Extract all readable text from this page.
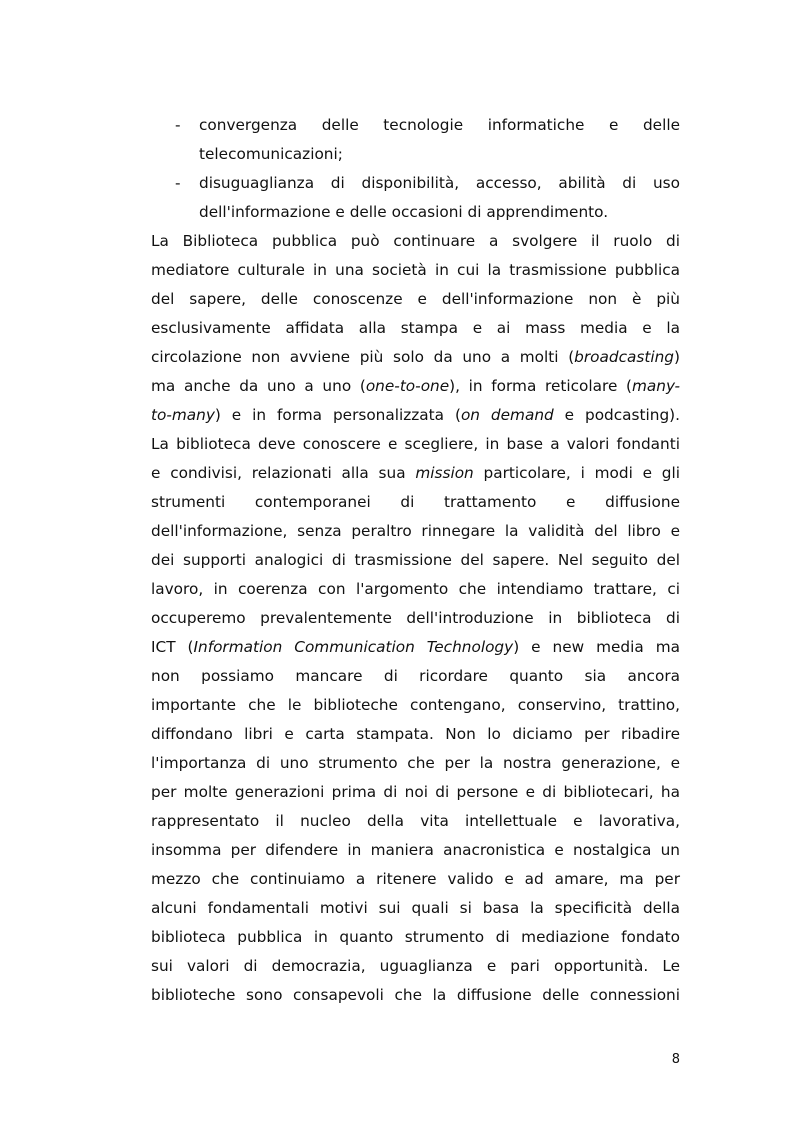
- convergenza delle tecnologie informatiche e delle
telecomunicazioni;
- disuguaglianza di disponibilità, accesso, abilità di uso
dell'informazione e delle occasioni di apprendimento.
La Biblioteca pubblica può continuare a svolgere il ruolo di
mediatore culturale in una società in cui la trasmissione pubblica
del sapere, delle conoscenze e dell'informazione non è più
esclusivamente affidata alla stampa e ai mass media e la
circolazione non avviene più solo da uno a molti (broadcasting)
ma anche da uno a uno (one-to-one), in forma reticolare (many-
to-many) e in forma personalizzata (on demand e podcasting).
La biblioteca deve conoscere e scegliere, in base a valori fondanti
e condivisi, relazionati alla sua mission particolare, i modi e gli
strumenti contemporanei di trattamento e diffusione
dell'informazione, senza peraltro rinnegare la validità del libro e
dei supporti analogici di trasmissione del sapere. Nel seguito del
lavoro, in coerenza con l'argomento che intendiamo trattare, ci
occuperemo prevalentemente dell'introduzione in biblioteca di
ICT (Information Communication Technology) e new media ma
non possiamo mancare di ricordare quanto sia ancora
importante che le biblioteche contengano, conservino, trattino,
diffondano libri e carta stampata. Non lo diciamo per ribadire
l'importanza di uno strumento che per la nostra generazione, e
per molte generazioni prima di noi di persone e di bibliotecari, ha
rappresentato il nucleo della vita intellettuale e lavorativa,
insomma per difendere in maniera anacronistica e nostalgica un
mezzo che continuiamo a ritenere valido e ad amare, ma per
alcuni fondamentali motivi sui quali si basa la specificità della
biblioteca pubblica in quanto strumento di mediazione fondato
sui valori di democrazia, uguaglianza e pari opportunità. Le
biblioteche sono consapevoli che la diffusione delle connessioni
8
